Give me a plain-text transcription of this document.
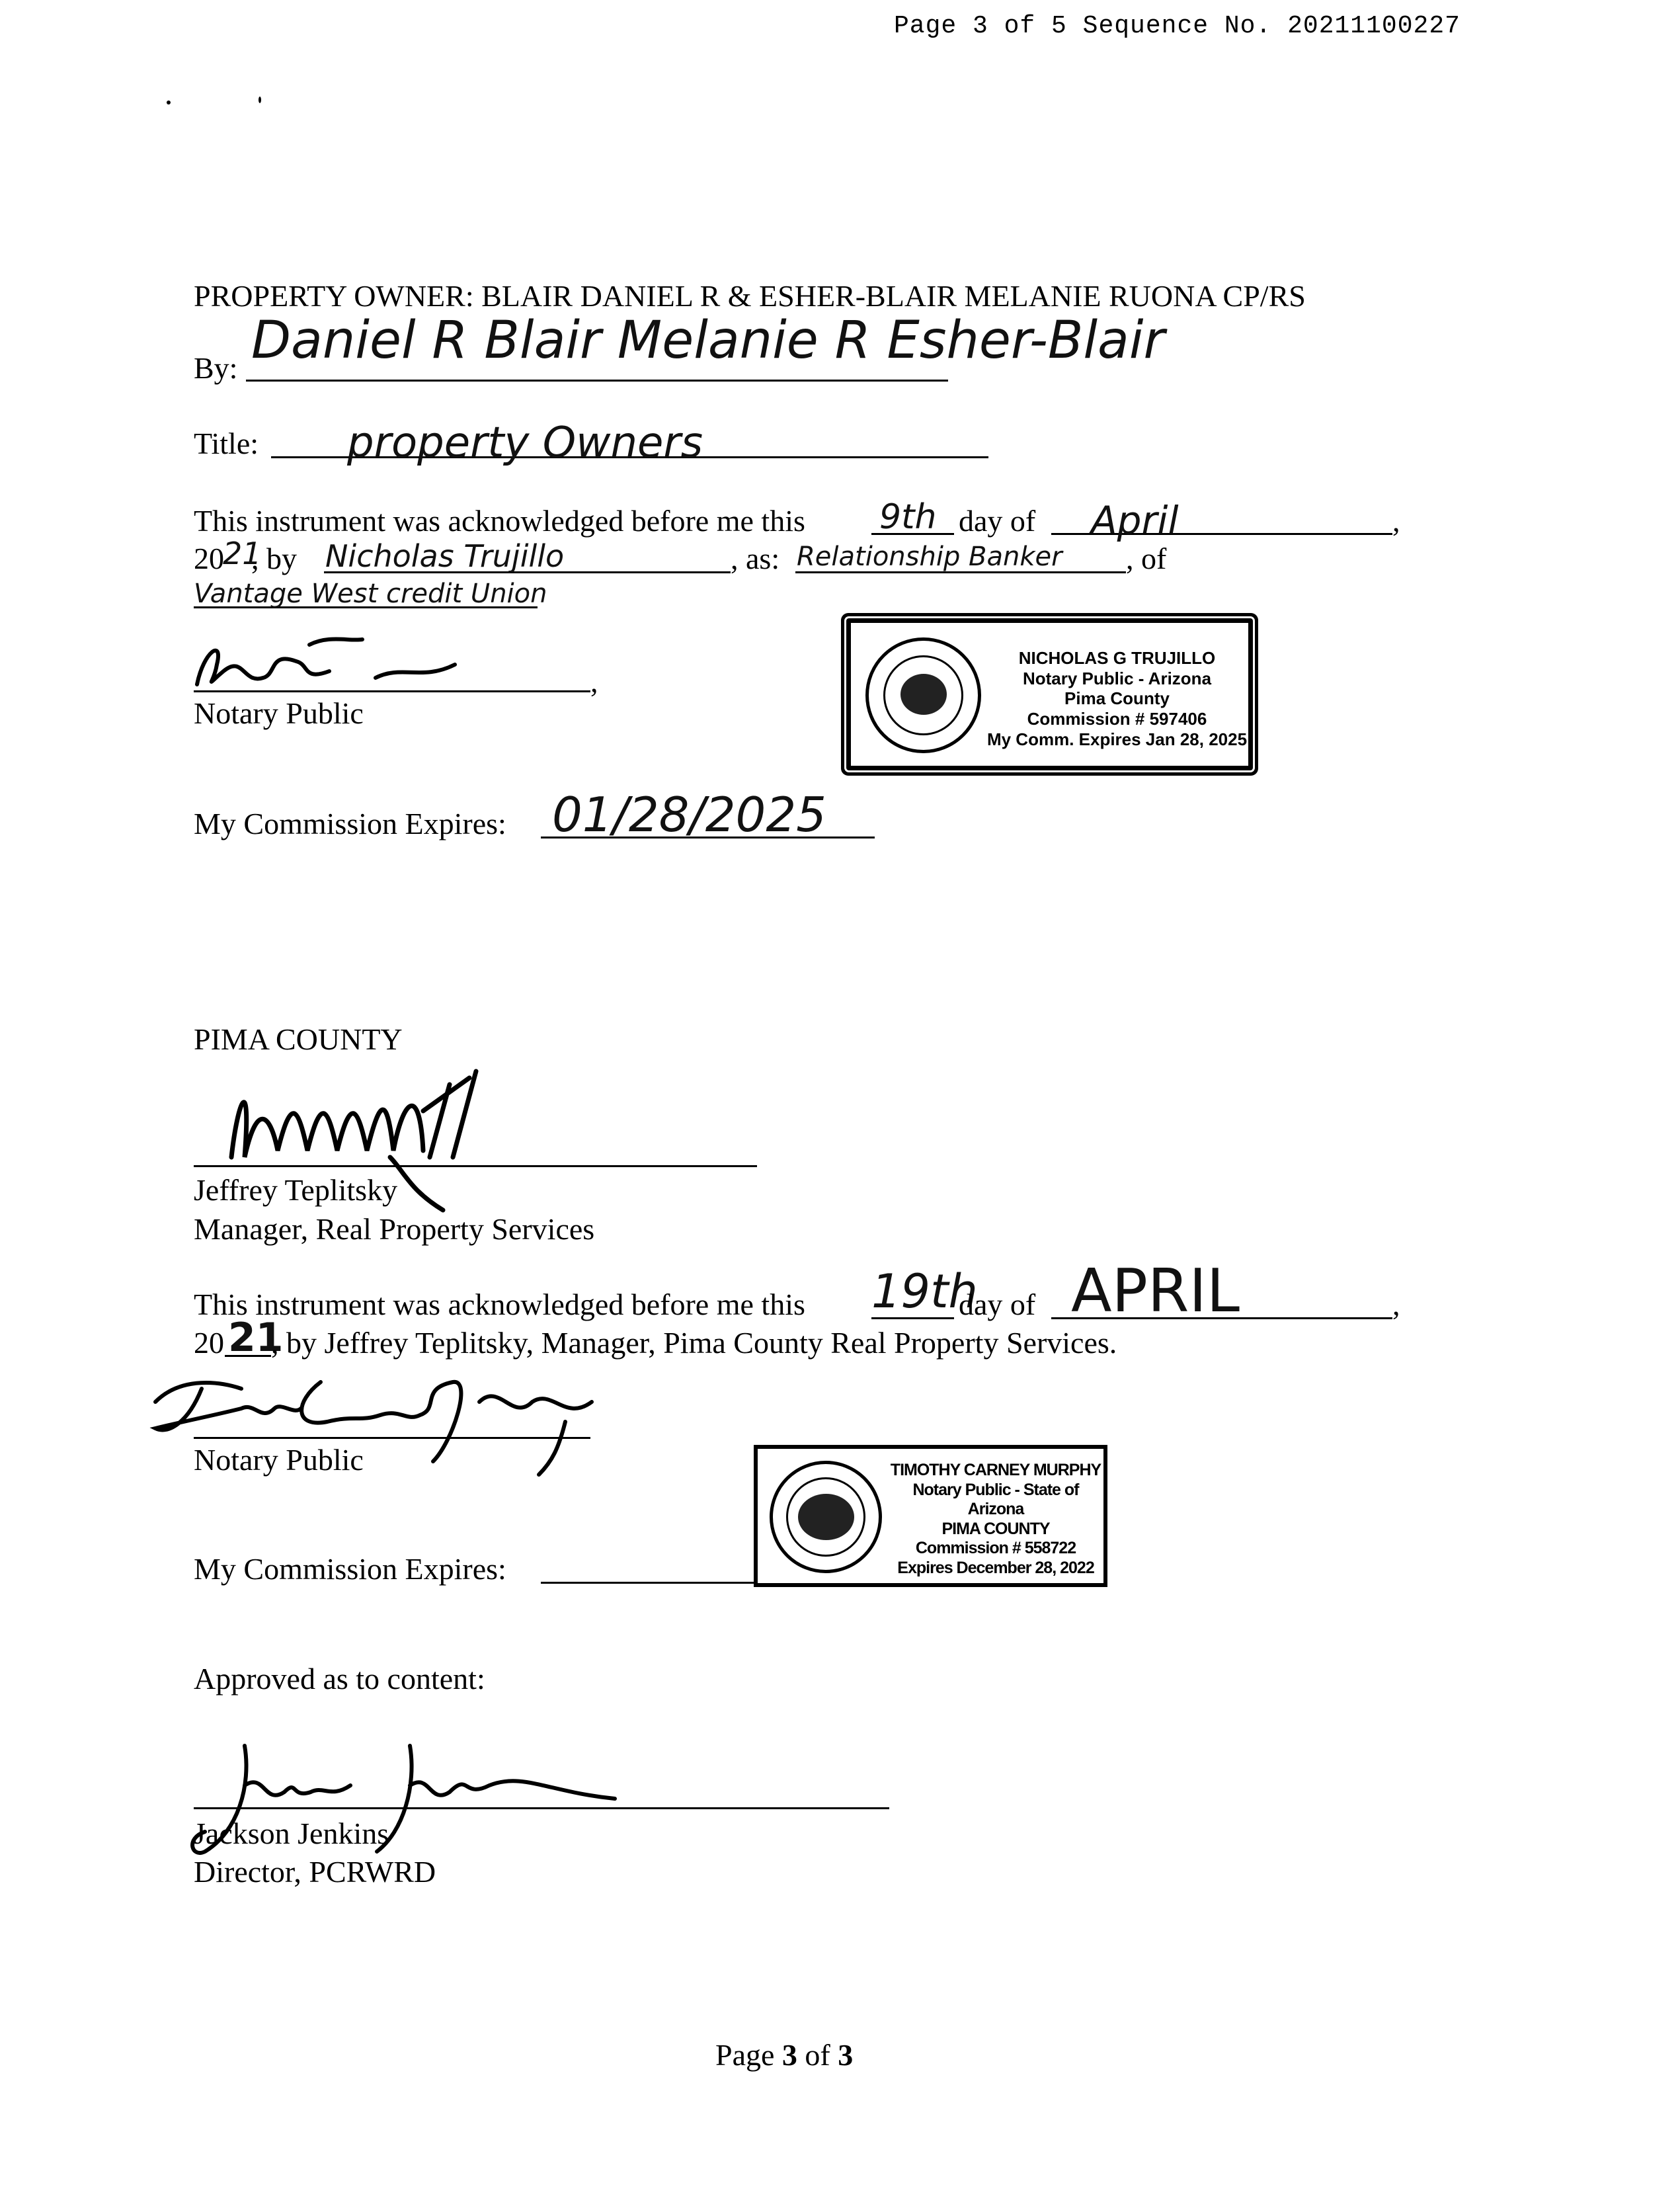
Page 3 of 5 Sequence No. 20211100227
PROPERTY OWNER: BLAIR DANIEL R & ESHER-BLAIR MELANIE RUONA CP/RS
By: Daniel R Blair Melanie R Esher-Blair
Title: property Owners
This instrument was acknowledged before me this 9th day of April	,
20
21
, by Nicholas Trujillo	, as: Relationship Banker , of
Vantage West credit Union
,
Notary Public
NICHOLAS G TRUJILLO
Notary Public - Arizona
Pima County
Commission # 597406
My Comm. Expires Jan 28, 2025
My Commission Expires: 01/28/2025
PIMA COUNTY
Jeffrey Teplitsky
Manager, Real Property Services
This instrument was acknowledged before me this 19th
day of APRIL	,
20 21
, by Jeffrey Teplitsky, Manager, Pima County Real Property Services.
Notary Public	TIMOTHY CARNEY MURPHY
Notary Public - State of Arizona
PIMA COUNTY
Commission # 558722
Expires December 28, 2022
My Commission Expires:
Approved as to content:
Jackson Jenkins
Director, PCRWRD
Page 3 of 3
